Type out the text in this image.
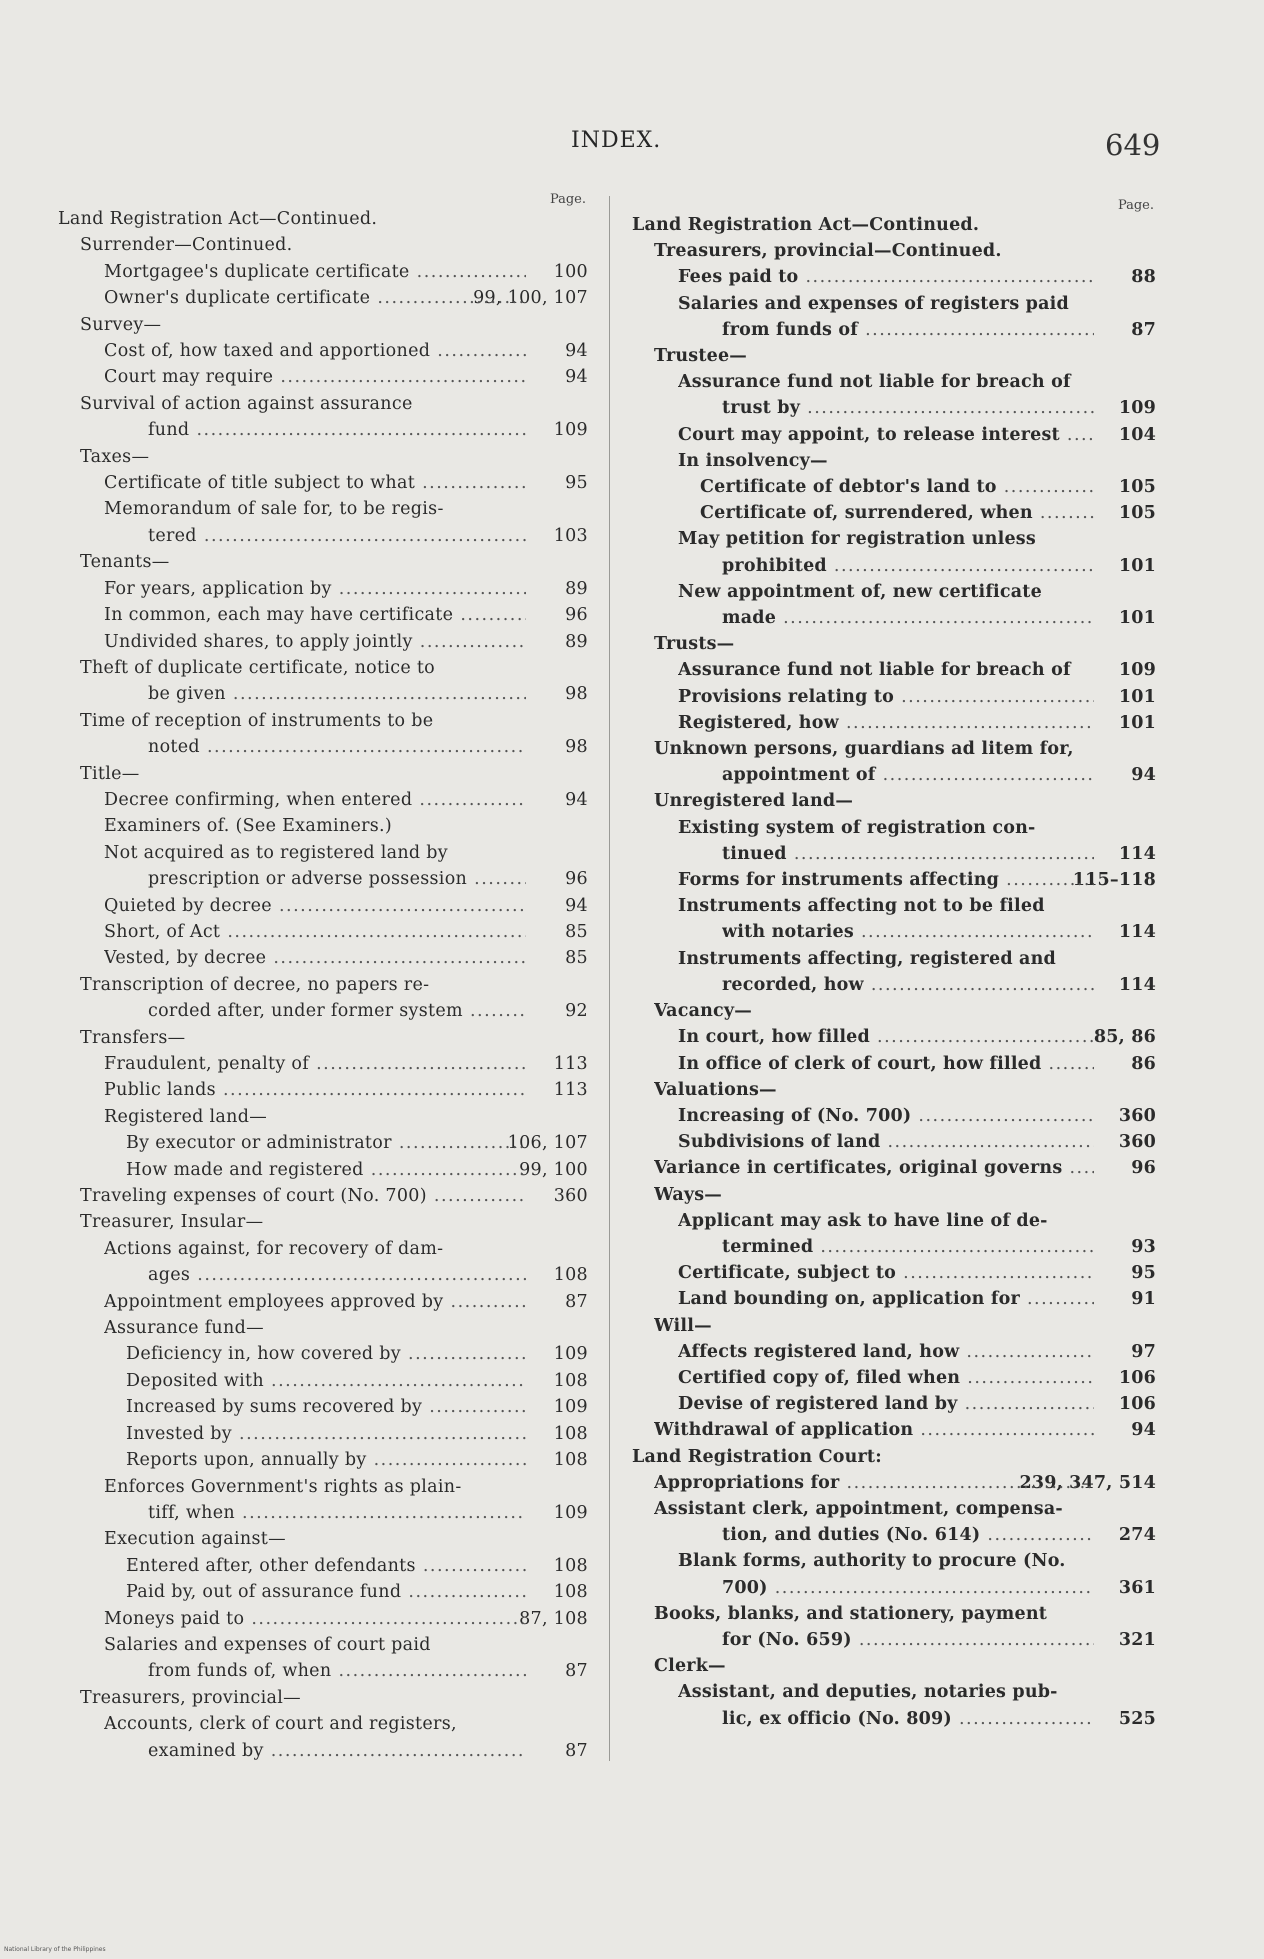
INDEX.	649
Page.
Land Registration Act—Continued.
Surrender—Continued.
Mortgagee's duplicate certificate .....	100
Owner's duplicate certificate .....	99, 100, 107
Survey—
Cost of, how taxed and apportioned .....	94
Court may require .....	94
Survival of action against assurance
fund .....	109
Taxes—
Certificate of title subject to what .....	95
Memorandum of sale for, to be regis-
tered .....	103
Tenants—
For years, application by .....	89
In common, each may have certificate .....	96
Undivided shares, to apply jointly .....	89
Theft of duplicate certificate, notice to
be given .....	98
Time of reception of instruments to be
noted .....	98
Title—
Decree confirming, when entered .....	94
Examiners of. (See Examiners.)
Not acquired as to registered land by
prescription or adverse possession .....	96
Quieted by decree .....	94
Short, of Act .....	85
Vested, by decree .....	85
Transcription of decree, no papers re-
corded after, under former system .....	92
Transfers—
Fraudulent, penalty of .....	113
Public lands .....	113
Registered land—
By executor or administrator .....	106, 107
How made and registered .....	99, 100
Traveling expenses of court (No. 700) .....	360
Treasurer, Insular—
Actions against, for recovery of dam-
ages .....	108
Appointment employees approved by .....	87
Assurance fund—
Deficiency in, how covered by .....	109
Deposited with .....	108
Increased by sums recovered by .....	109
Invested by .....	108
Reports upon, annually by .....	108
Enforces Government's rights as plain-
tiff, when .....	109
Execution against—
Entered after, other defendants .....	108
Paid by, out of assurance fund .....	108
Moneys paid to .....	87, 108
Salaries and expenses of court paid
from funds of, when .....	87
Treasurers, provincial—
Accounts, clerk of court and registers,
examined by .....	87
Page.
Land Registration Act—Continued.
Treasurers, provincial—Continued.
Fees paid to .....	88
Salaries and expenses of registers paid
from funds of .....	87
Trustee—
Assurance fund not liable for breach of
trust by .....	109
Court may appoint, to release interest .....	104
In insolvency—
Certificate of debtor's land to .....	105
Certificate of, surrendered, when .....	105
May petition for registration unless
prohibited .....	101
New appointment of, new certificate
made .....	101
Trusts—
Assurance fund not liable for breach of	109
Provisions relating to .....	101
Registered, how .....	101
Unknown persons, guardians ad litem for,
appointment of .....	94
Unregistered land—
Existing system of registration con-
tinued .....	114
Forms for instruments affecting .....	115–118
Instruments affecting not to be filed
with notaries .....	114
Instruments affecting, registered and
recorded, how .....	114
Vacancy—
In court, how filled .....	85, 86
In office of clerk of court, how filled .....	86
Valuations—
Increasing of (No. 700) .....	360
Subdivisions of land .....	360
Variance in certificates, original governs .....	96
Ways—
Applicant may ask to have line of de-
termined .....	93
Certificate, subject to .....	95
Land bounding on, application for .....	91
Will—
Affects registered land, how .....	97
Certified copy of, filed when .....	106
Devise of registered land by .....	106
Withdrawal of application .....	94
Land Registration Court:
Appropriations for .....	239, 347, 514
Assistant clerk, appointment, compensa-
tion, and duties (No. 614) .....	274
Blank forms, authority to procure (No.
700) .....	361
Books, blanks, and stationery, payment
for (No. 659) .....	321
Clerk—
Assistant, and deputies, notaries pub-
lic, ex officio (No. 809) .....	525
National Library of the Philippines
